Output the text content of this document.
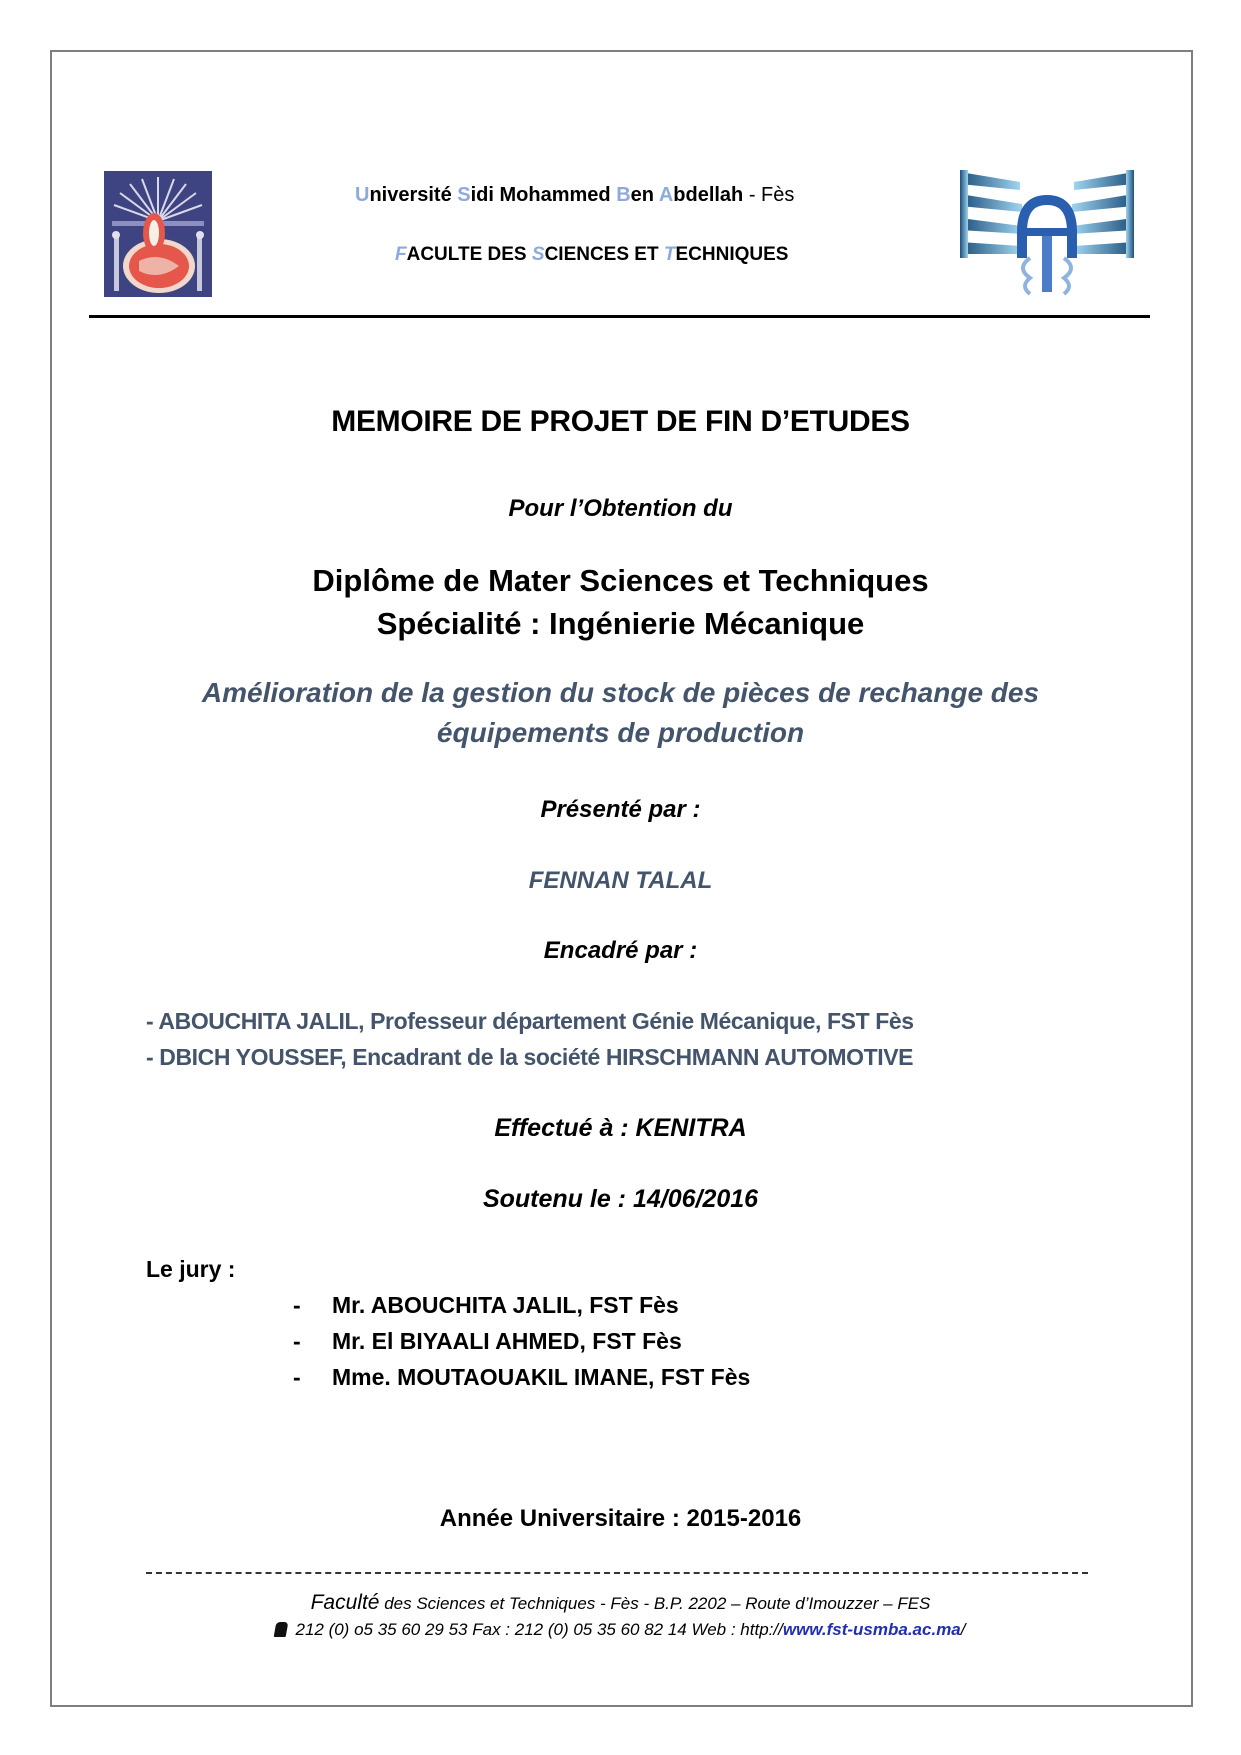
Université Sidi Mohammed Ben Abdellah - Fès
FACULTE DES SCIENCES ET TECHNIQUES
MEMOIRE DE PROJET DE FIN D’ETUDES
Pour l’Obtention du
Diplôme de Mater Sciences et Techniques
Spécialité : Ingénierie Mécanique
Amélioration de la gestion du stock de pièces de rechange des
équipements de production
Présenté par :
FENNAN TALAL
Encadré par :
- ABOUCHITA JALIL, Professeur département Génie Mécanique, FST Fès
- DBICH YOUSSEF, Encadrant de la société HIRSCHMANN AUTOMOTIVE
Effectué à : KENITRA
Soutenu le : 14/06/2016
Le jury :
-	Mr. ABOUCHITA JALIL, FST Fès
-	Mr. El BIYAALI AHMED, FST Fès
-	Mme. MOUTAOUAKIL IMANE, FST Fès
Année Universitaire : 2015-2016
Faculté des Sciences et Techniques - Fès - B.P. 2202 – Route d’Imouzzer – FES
212 (0) o5 35 60 29 53 Fax : 212 (0) 05 35 60 82 14 Web : http://www.fst-usmba.ac.ma/
